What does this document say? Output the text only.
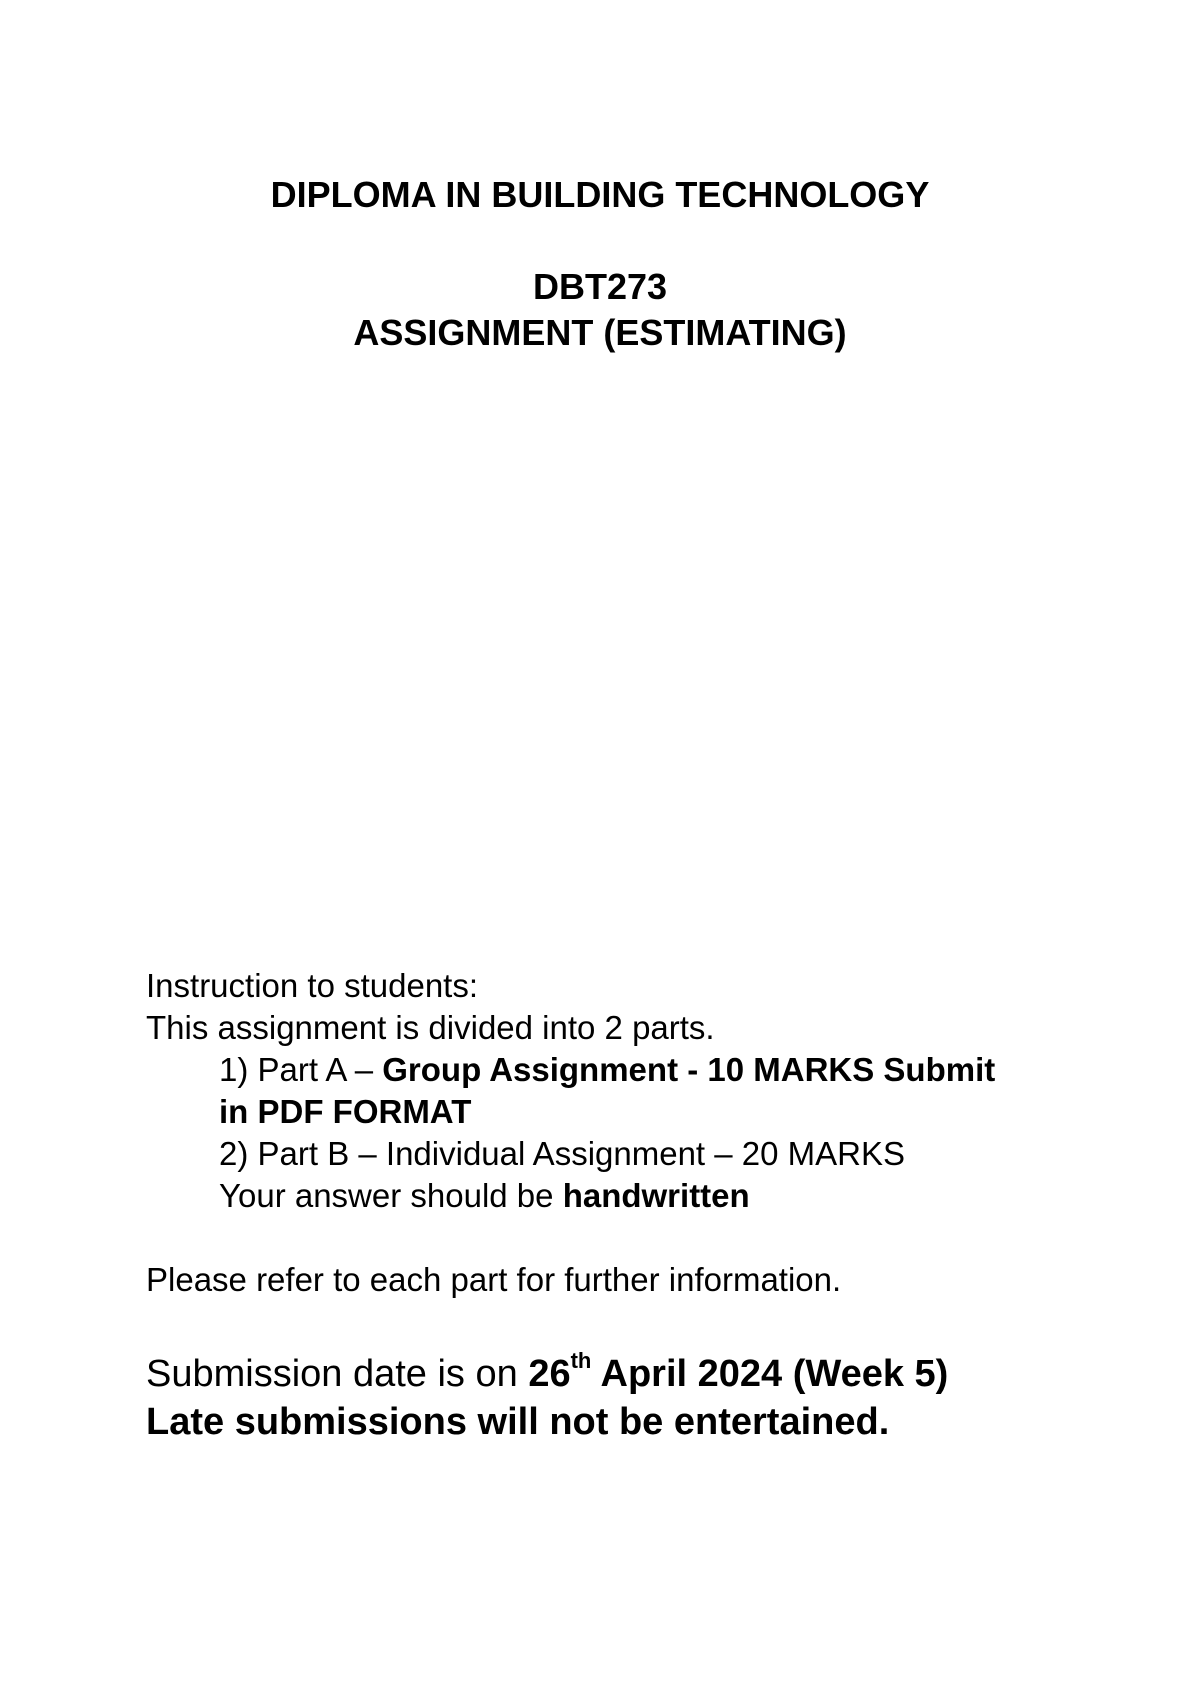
DIPLOMA IN BUILDING TECHNOLOGY
DBT273
ASSIGNMENT (ESTIMATING)
Instruction to students:
This assignment is divided into 2 parts.
1) Part A – Group Assignment - 10 MARKS Submit
in PDF FORMAT
2) Part B – Individual Assignment – 20 MARKS
Your answer should be handwritten
Please refer to each part for further information.
Submission date is on 26th April 2024 (Week 5)
Late submissions will not be entertained.
